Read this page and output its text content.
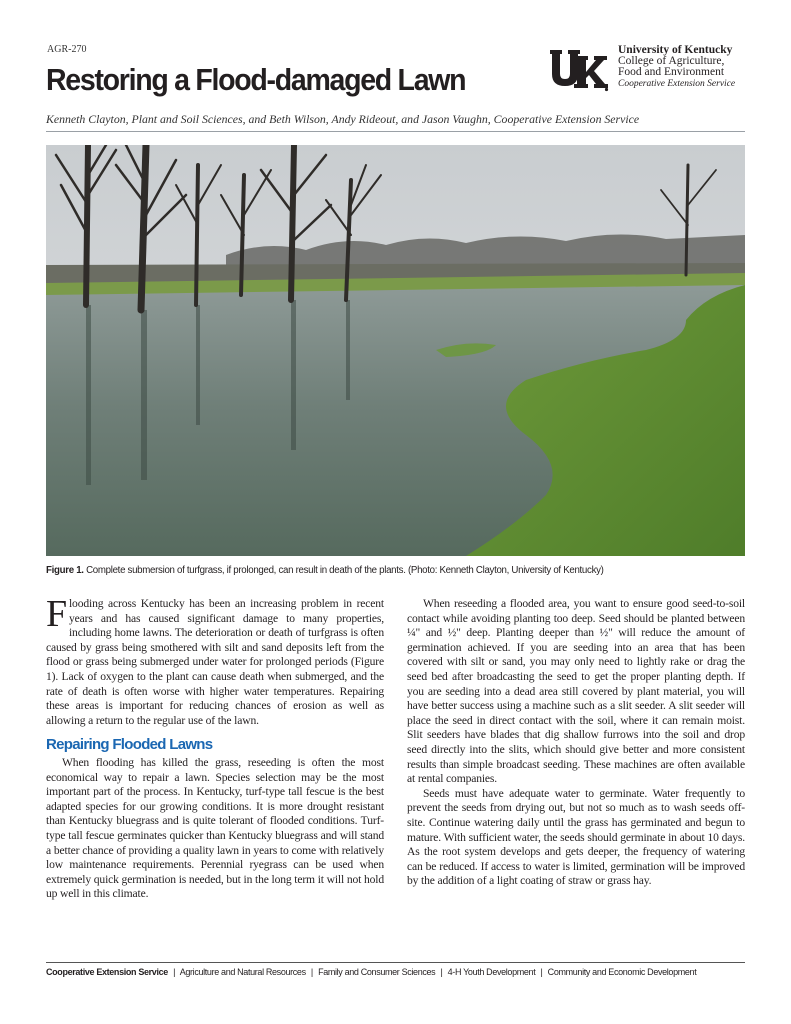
AGR-270
Restoring a Flood-damaged Lawn
University of Kentucky
College of Agriculture,
Food and Environment
Cooperative Extension Service
Kenneth Clayton, Plant and Soil Sciences, and Beth Wilson, Andy Rideout, and Jason Vaughn, Cooperative Extension Service
Figure 1. Complete submersion of turfgrass, if prolonged, can result in death of the plants. (Photo: Kenneth Clayton, University of Kentucky)

Flooding across Kentucky has been an increasing problem in recent years and has caused significant damage to many properties, including home lawns. The deterioration or death of turfgrass is often caused by grass being smothered with silt and sand deposits left from the flood or grass being submerged under water for prolonged periods (Figure 1). Lack of oxygen to the plant can cause death when submerged, and the rate of death is often worse with higher water temperatures. Repairing these areas is important for reducing chances of erosion as well as allowing a return to the regular use of the lawn.

Repairing Flooded Lawns

When flooding has killed the grass, reseeding is often the most economical way to repair a lawn. Species selection may be the most important part of the process. In Kentucky, turf-type tall fescue is the best adapted species for our growing conditions. It is more drought resistant than Kentucky bluegrass and is quite tolerant of flooded conditions. Turf-type tall fescue germinates quicker than Kentucky bluegrass and will stand a better chance of providing a quality lawn in years to come with relatively low maintenance requirements. Perennial ryegrass can be used when extremely quick germination is needed, but in the long term it will not hold up well in this climate.

When reseeding a flooded area, you want to ensure good seed-to-soil contact while avoiding planting too deep. Seed should be planted between ¼" and ½" deep. Planting deeper than ½" will reduce the amount of germination achieved. If you are seeding into an area that has been covered with silt or sand, you may only need to lightly rake or drag the seed bed after broadcasting the seed to get the proper planting depth. If you are seeding into a dead area still covered by plant material, you will have better success using a machine such as a slit seeder. A slit seeder will place the seed in direct contact with the soil, where it can remain moist. Slit seeders have blades that dig shallow furrows into the soil and drop seed directly into the slits, which should give better and more consistent results than simple broadcast seeding. These machines are often available at rental companies.

Seeds must have adequate water to germinate. Water frequently to prevent the seeds from drying out, but not so much as to wash seeds off-site. Continue watering daily until the grass has germinated and begun to mature. With sufficient water, the seeds should germinate in about 10 days. As the root system develops and gets deeper, the frequency of watering can be reduced. If access to water is limited, germination will be improved by the addition of a light coating of straw or grass hay.

Cooperative Extension Service | Agriculture and Natural Resources | Family and Consumer Sciences | 4-H Youth Development | Community and Economic Development
